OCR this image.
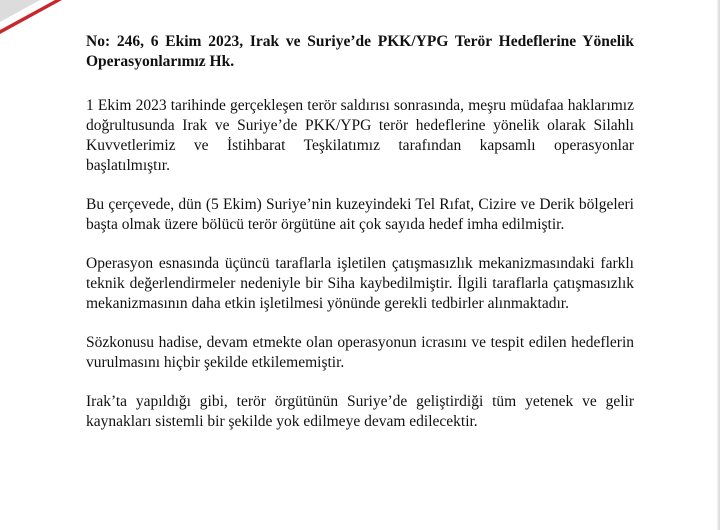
No: 246, 6 Ekim 2023, Irak ve Suriye’de PKK/YPG Terör Hedeflerine Yönelik Operasyonlarımız Hk.

1 Ekim 2023 tarihinde gerçekleşen terör saldırısı sonrasında, meşru müdafaa haklarımız doğrultusunda Irak ve Suriye’de PKK/YPG terör hedeflerine yönelik olarak Silahlı Kuvvetlerimiz ve İstihbarat Teşkilatımız tarafından kapsamlı operasyonlar başlatılmıştır.

Bu çerçevede, dün (5 Ekim) Suriye’nin kuzeyindeki Tel Rıfat, Cizire ve Derik bölgeleri başta olmak üzere bölücü terör örgütüne ait çok sayıda hedef imha edilmiştir.

Operasyon esnasında üçüncü taraflarla işletilen çatışmasızlık mekanizmasındaki farklı teknik değerlendirmeler nedeniyle bir Siha kaybedilmiştir. İlgili taraflarla çatışmasızlık mekanizmasının daha etkin işletilmesi yönünde gerekli tedbirler alınmaktadır.

Sözkonusu hadise, devam etmekte olan operasyonun icrasını ve tespit edilen hedeflerin vurulmasını hiçbir şekilde etkilememiştir.

Irak’ta yapıldığı gibi, terör örgütünün Suriye’de geliştirdiği tüm yetenek ve gelir kaynakları sistemli bir şekilde yok edilmeye devam edilecektir.
